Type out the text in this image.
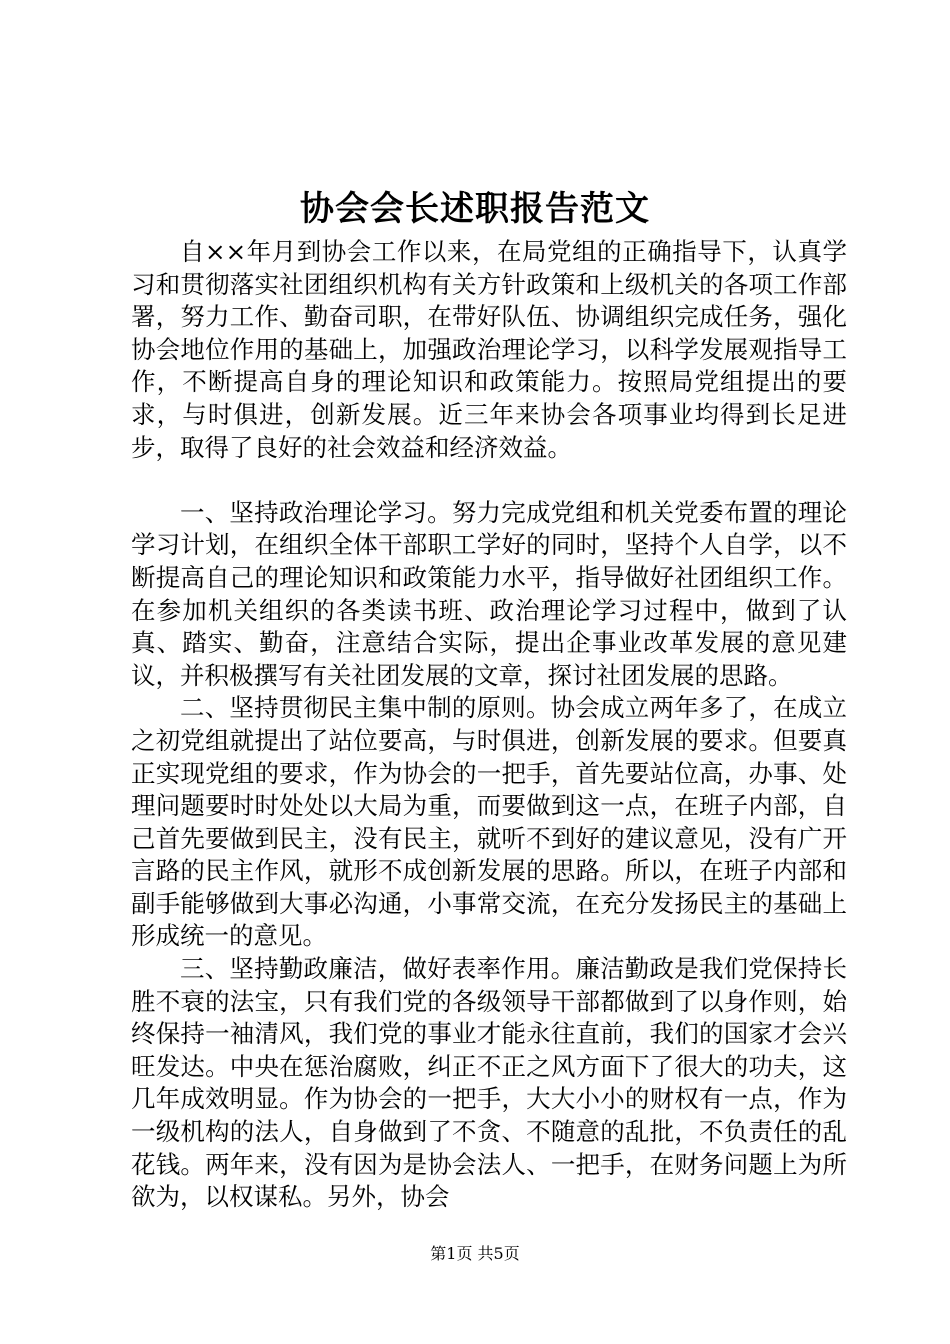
协会会长述职报告范文

自××年月到协会工作以来，在局党组的正确指导下，认真学习和贯彻落实社团组织机构有关方针政策和上级机关的各项工作部署，努力工作、勤奋司职，在带好队伍、协调组织完成任务，强化协会地位作用的基础上，加强政治理论学习，以科学发展观指导工作，不断提高自身的理论知识和政策能力。按照局党组提出的要求，与时俱进，创新发展。近三年来协会各项事业均得到长足进步，取得了良好的社会效益和经济效益。

一、坚持政治理论学习。努力完成党组和机关党委布置的理论学习计划，在组织全体干部职工学好的同时，坚持个人自学，以不断提高自己的理论知识和政策能力水平，指导做好社团组织工作。在参加机关组织的各类读书班、政治理论学习过程中，做到了认真、踏实、勤奋，注意结合实际，提出企事业改革发展的意见建议，并积极撰写有关社团发展的文章，探讨社团发展的思路。

二、坚持贯彻民主集中制的原则。协会成立两年多了，在成立之初党组就提出了站位要高，与时俱进，创新发展的要求。但要真正实现党组的要求，作为协会的一把手，首先要站位高，办事、处理问题要时时处处以大局为重，而要做到这一点，在班子内部，自己首先要做到民主，没有民主，就听不到好的建议意见，没有广开言路的民主作风，就形不成创新发展的思路。所以，在班子内部和副手能够做到大事必沟通，小事常交流，在充分发扬民主的基础上形成统一的意见。

三、坚持勤政廉洁，做好表率作用。廉洁勤政是我们党保持长胜不衰的法宝，只有我们党的各级领导干部都做到了以身作则，始终保持一袖清风，我们党的事业才能永往直前，我们的国家才会兴旺发达。中央在惩治腐败，纠正不正之风方面下了很大的功夫，这几年成效明显。作为协会的一把手，大大小小的财权有一点，作为一级机构的法人，自身做到了不贪、不随意的乱批，不负责任的乱花钱。两年来，没有因为是协会法人、一把手，在财务问题上为所欲为，以权谋私。另外，协会

第1页 共5页
